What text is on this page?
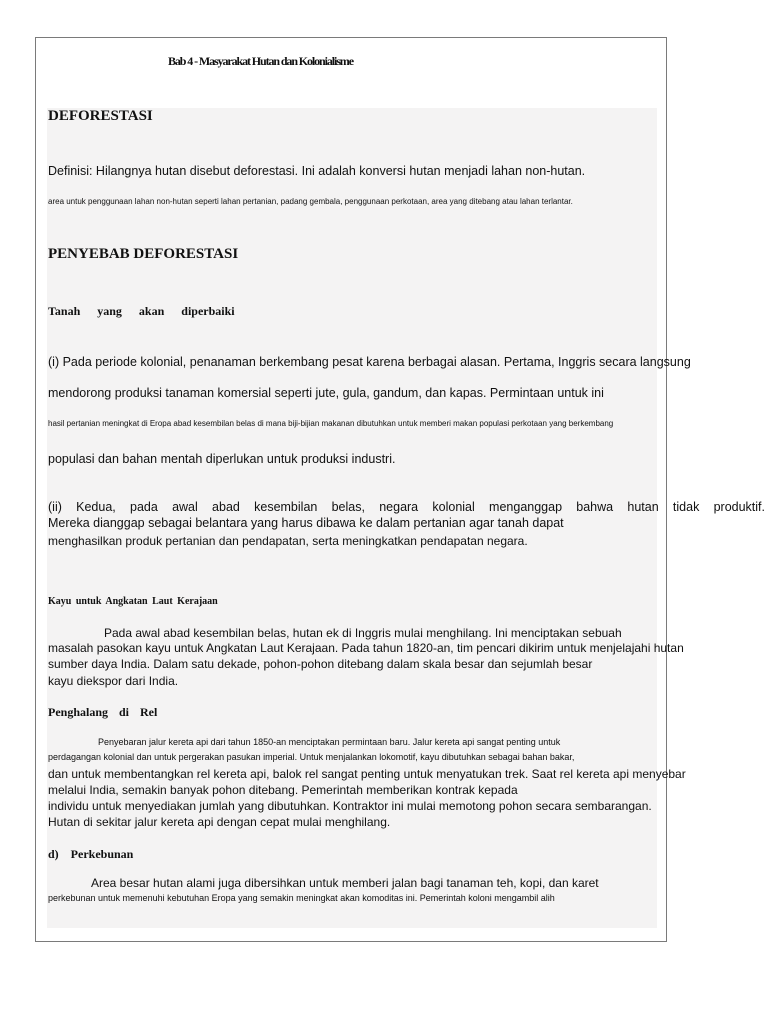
Bab 4 - Masyarakat Hutan dan Kolonialisme

DEFORESTASI

Definisi: Hilangnya hutan disebut deforestasi. Ini adalah konversi hutan menjadi lahan non-hutan.

area untuk penggunaan lahan non-hutan seperti lahan pertanian, padang gembala, penggunaan perkotaan, area yang ditebang atau lahan terlantar.

PENYEBAB DEFORESTASI

Tanah yang akan diperbaiki

(i) Pada periode kolonial, penanaman berkembang pesat karena berbagai alasan. Pertama, Inggris secara langsung

mendorong produksi tanaman komersial seperti jute, gula, gandum, dan kapas. Permintaan untuk ini

hasil pertanian meningkat di Eropa abad kesembilan belas di mana biji-bijian makanan dibutuhkan untuk memberi makan populasi perkotaan yang berkembang

populasi dan bahan mentah diperlukan untuk produksi industri.

(ii) Kedua, pada awal abad kesembilan belas, negara kolonial menganggap bahwa hutan tidak produktif.

Mereka dianggap sebagai belantara yang harus dibawa ke dalam pertanian agar tanah dapat

menghasilkan produk pertanian dan pendapatan, serta meningkatkan pendapatan negara.

Kayu untuk Angkatan Laut Kerajaan

Pada awal abad kesembilan belas, hutan ek di Inggris mulai menghilang. Ini menciptakan sebuah

masalah pasokan kayu untuk Angkatan Laut Kerajaan. Pada tahun 1820-an, tim pencari dikirim untuk menjelajahi hutan

sumber daya India. Dalam satu dekade, pohon-pohon ditebang dalam skala besar dan sejumlah besar

kayu diekspor dari India.

Penghalang di Rel

Penyebaran jalur kereta api dari tahun 1850-an menciptakan permintaan baru. Jalur kereta api sangat penting untuk

perdagangan kolonial dan untuk pergerakan pasukan imperial. Untuk menjalankan lokomotif, kayu dibutuhkan sebagai bahan bakar,

dan untuk membentangkan rel kereta api, balok rel sangat penting untuk menyatukan trek. Saat rel kereta api menyebar

melalui India, semakin banyak pohon ditebang. Pemerintah memberikan kontrak kepada

individu untuk menyediakan jumlah yang dibutuhkan. Kontraktor ini mulai memotong pohon secara sembarangan.

Hutan di sekitar jalur kereta api dengan cepat mulai menghilang.

d)    Perkebunan

Area besar hutan alami juga dibersihkan untuk memberi jalan bagi tanaman teh, kopi, dan karet

perkebunan untuk memenuhi kebutuhan Eropa yang semakin meningkat akan komoditas ini. Pemerintah koloni mengambil alih
